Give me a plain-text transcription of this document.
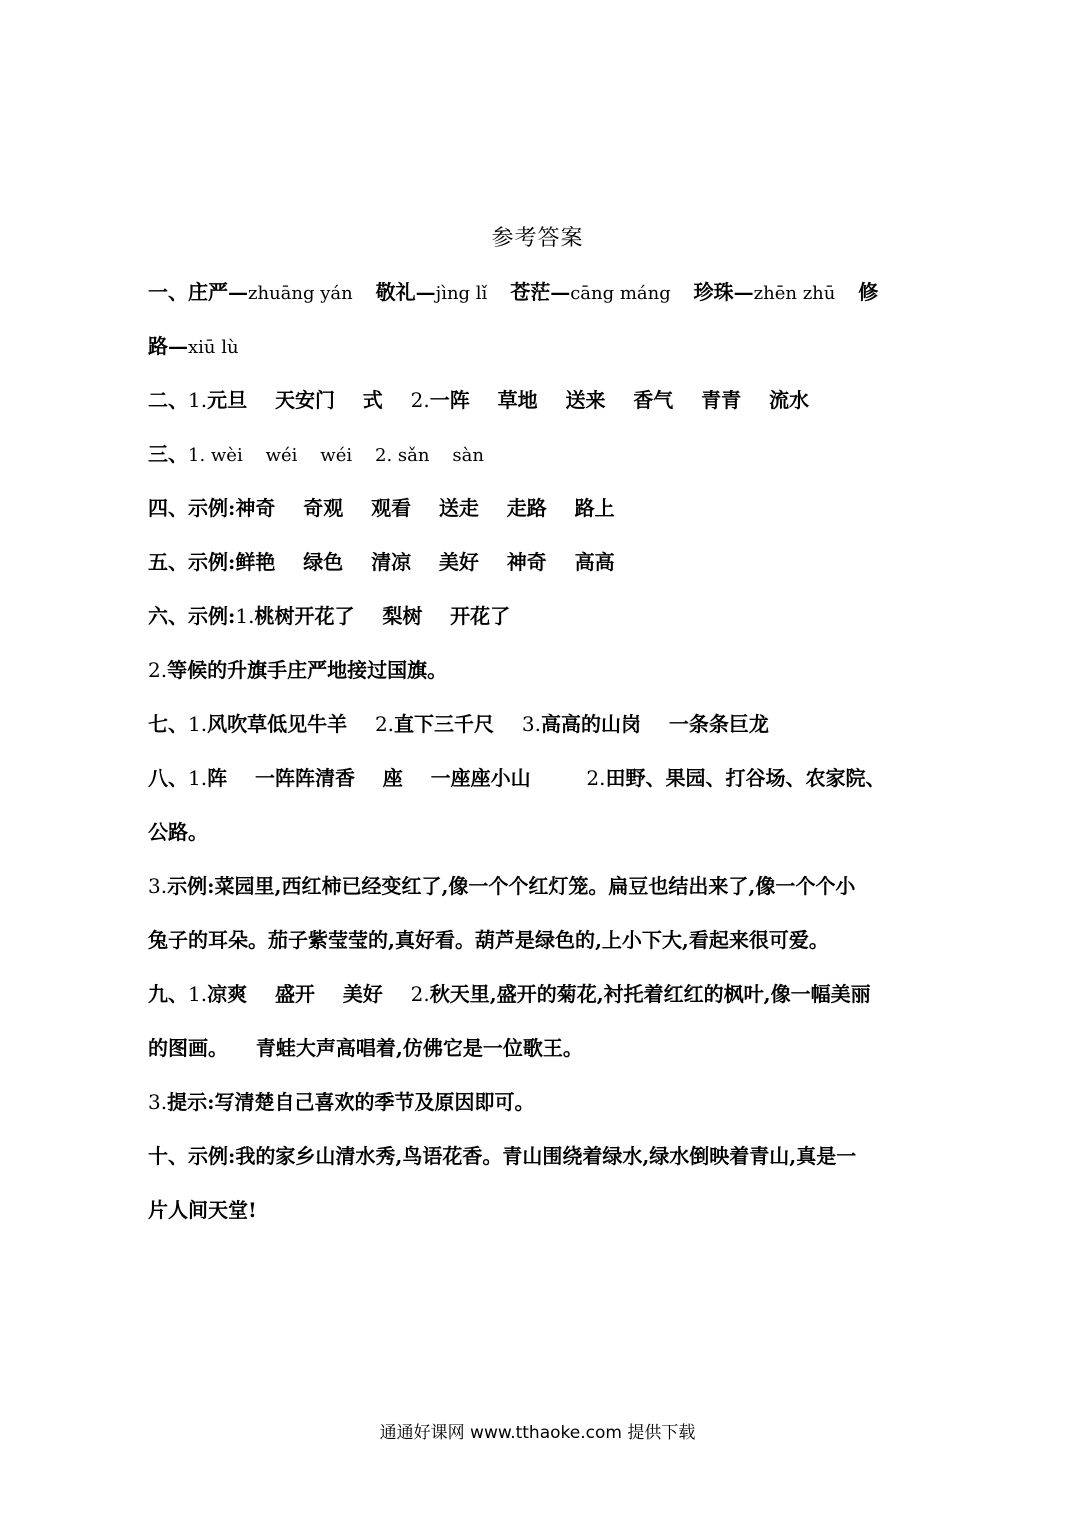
参考答案
一、庄严—zhuāng yán    敬礼—jìng lǐ    苍茫—cāng máng    珍珠—zhēn zhū    修
路—xiū lù
二、1.元旦    天安门    式    2.一阵    草地    送来    香气    青青    流水
三、1. wèi    wéi    wéi    2. sǎn    sàn
四、示例:神奇    奇观    观看    送走    走路    路上
五、示例:鲜艳    绿色    清凉    美好    神奇    高高
六、示例:1.桃树开花了    梨树    开花了
2.等候的升旗手庄严地接过国旗。
七、1.风吹草低见牛羊    2.直下三千尺    3.高高的山岗    一条条巨龙
八、1.阵    一阵阵清香    座    一座座小山        2.田野、果园、打谷场、农家院、
公路。
3.示例:菜园里,西红柿已经变红了,像一个个红灯笼。扁豆也结出来了,像一个个小
兔子的耳朵。茄子紫莹莹的,真好看。葫芦是绿色的,上小下大,看起来很可爱。
九、1.凉爽    盛开    美好    2.秋天里,盛开的菊花,衬托着红红的枫叶,像一幅美丽
的图画。    青蛙大声高唱着,仿佛它是一位歌王。
3.提示:写清楚自己喜欢的季节及原因即可。
十、示例:我的家乡山清水秀,鸟语花香。青山围绕着绿水,绿水倒映着青山,真是一
片人间天堂!
通通好课网 www.tthaoke.com 提供下载
